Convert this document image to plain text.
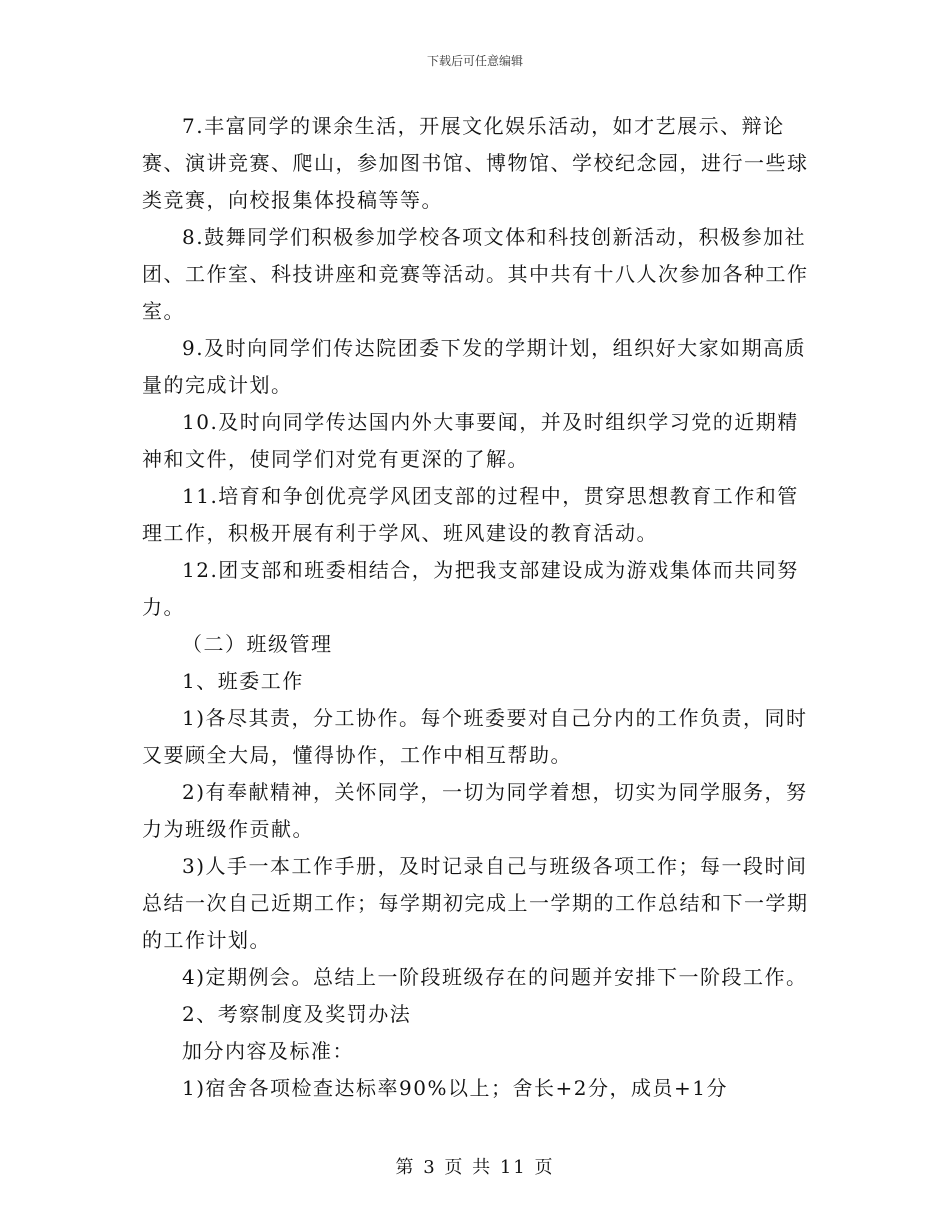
下载后可任意编辑

7.丰富同学的课余生活，开展文化娱乐活动，如才艺展示、辩论赛、演讲竞赛、爬山，参加图书馆、博物馆、学校纪念园，进行一些球类竞赛，向校报集体投稿等等。

8.鼓舞同学们积极参加学校各项文体和科技创新活动，积极参加社团、工作室、科技讲座和竞赛等活动。其中共有十八人次参加各种工作室。

9.及时向同学们传达院团委下发的学期计划，组织好大家如期高质量的完成计划。

10.及时向同学传达国内外大事要闻，并及时组织学习党的近期精神和文件，使同学们对党有更深的了解。

11.培育和争创优亮学风团支部的过程中，贯穿思想教育工作和管理工作，积极开展有利于学风、班风建设的教育活动。

12.团支部和班委相结合，为把我支部建设成为游戏集体而共同努力。

（二）班级管理

1、班委工作

1)各尽其责，分工协作。每个班委要对自己分内的工作负责，同时又要顾全大局，懂得协作，工作中相互帮助。

2)有奉献精神，关怀同学，一切为同学着想，切实为同学服务，努力为班级作贡献。

3)人手一本工作手册，及时记录自己与班级各项工作；每一段时间总结一次自己近期工作；每学期初完成上一学期的工作总结和下一学期的工作计划。

4)定期例会。总结上一阶段班级存在的问题并安排下一阶段工作。

2、考察制度及奖罚办法

加分内容及标准：

1)宿舍各项检查达标率90%以上；舍长+2分，成员+1分

第 3 页 共 11 页
